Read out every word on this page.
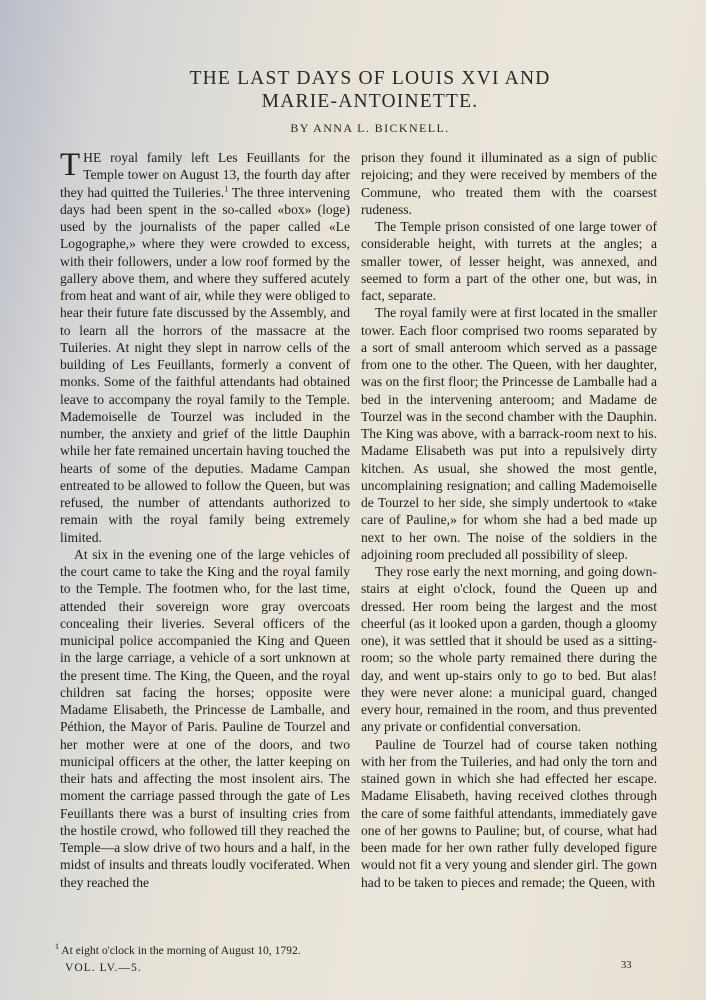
THE LAST DAYS OF LOUIS XVI AND
MARIE-ANTOINETTE.
BY ANNA L. BICKNELL.

THE royal family left Les Feuillants for the Temple tower on August 13, the fourth day after they had quitted the Tuileries.$^1$ The three intervening days had been spent in the so-called «box» (loge) used by the journalists of the paper called «Le Logographe,» where they were crowded to excess, with their followers, under a low roof formed by the gallery above them, and where they suffered acutely from heat and want of air, while they were obliged to hear their future fate discussed by the Assembly, and to learn all the horrors of the massacre at the Tuileries. At night they slept in narrow cells of the building of Les Feuillants, formerly a convent of monks. Some of the faithful attendants had obtained leave to accompany the royal family to the Temple. Mademoiselle de Tourzel was included in the number, the anxiety and grief of the little Dauphin while her fate remained uncertain having touched the hearts of some of the deputies. Madame Campan entreated to be allowed to follow the Queen, but was refused, the number of attendants authorized to remain with the royal family being extremely limited.

At six in the evening one of the large vehicles of the court came to take the King and the royal family to the Temple. The footmen who, for the last time, attended their sovereign wore gray overcoats concealing their liveries. Several officers of the municipal police accompanied the King and Queen in the large carriage, a vehicle of a sort unknown at the present time. The King, the Queen, and the royal children sat facing the horses; opposite were Madame Elisabeth, the Princesse de Lamballe, and Péthion, the Mayor of Paris. Pauline de Tourzel and her mother were at one of the doors, and two municipal officers at the other, the latter keeping on their hats and affecting the most insolent airs. The moment the carriage passed through the gate of Les Feuillants there was a burst of insulting cries from the hostile crowd, who followed till they reached the Temple—a slow drive of two hours and a half, in the midst of insults and threats loudly vociferated. When they reached the

prison they found it illuminated as a sign of public rejoicing; and they were received by members of the Commune, who treated them with the coarsest rudeness.

The Temple prison consisted of one large tower of considerable height, with turrets at the angles; a smaller tower, of lesser height, was annexed, and seemed to form a part of the other one, but was, in fact, separate.

The royal family were at first located in the smaller tower. Each floor comprised two rooms separated by a sort of small anteroom which served as a passage from one to the other. The Queen, with her daughter, was on the first floor; the Princesse de Lamballe had a bed in the intervening anteroom; and Madame de Tourzel was in the second chamber with the Dauphin. The King was above, with a barrack-room next to his. Madame Elisabeth was put into a repulsively dirty kitchen. As usual, she showed the most gentle, uncomplaining resignation; and calling Mademoiselle de Tourzel to her side, she simply undertook to «take care of Pauline,» for whom she had a bed made up next to her own. The noise of the soldiers in the adjoining room precluded all possibility of sleep.

They rose early the next morning, and going down-stairs at eight o'clock, found the Queen up and dressed. Her room being the largest and the most cheerful (as it looked upon a garden, though a gloomy one), it was settled that it should be used as a sitting-room; so the whole party remained there during the day, and went up-stairs only to go to bed. But alas! they were never alone: a municipal guard, changed every hour, remained in the room, and thus prevented any private or confidential conversation.

Pauline de Tourzel had of course taken nothing with her from the Tuileries, and had only the torn and stained gown in which she had effected her escape. Madame Elisabeth, having received clothes through the care of some faithful attendants, immediately gave one of her gowns to Pauline; but, of course, what had been made for her own rather fully developed figure would not fit a very young and slender girl. The gown had to be taken to pieces and remade; the Queen, with

$^1$ At eight o'clock in the morning of August 10, 1792.
VOL. LV.—5.	33
